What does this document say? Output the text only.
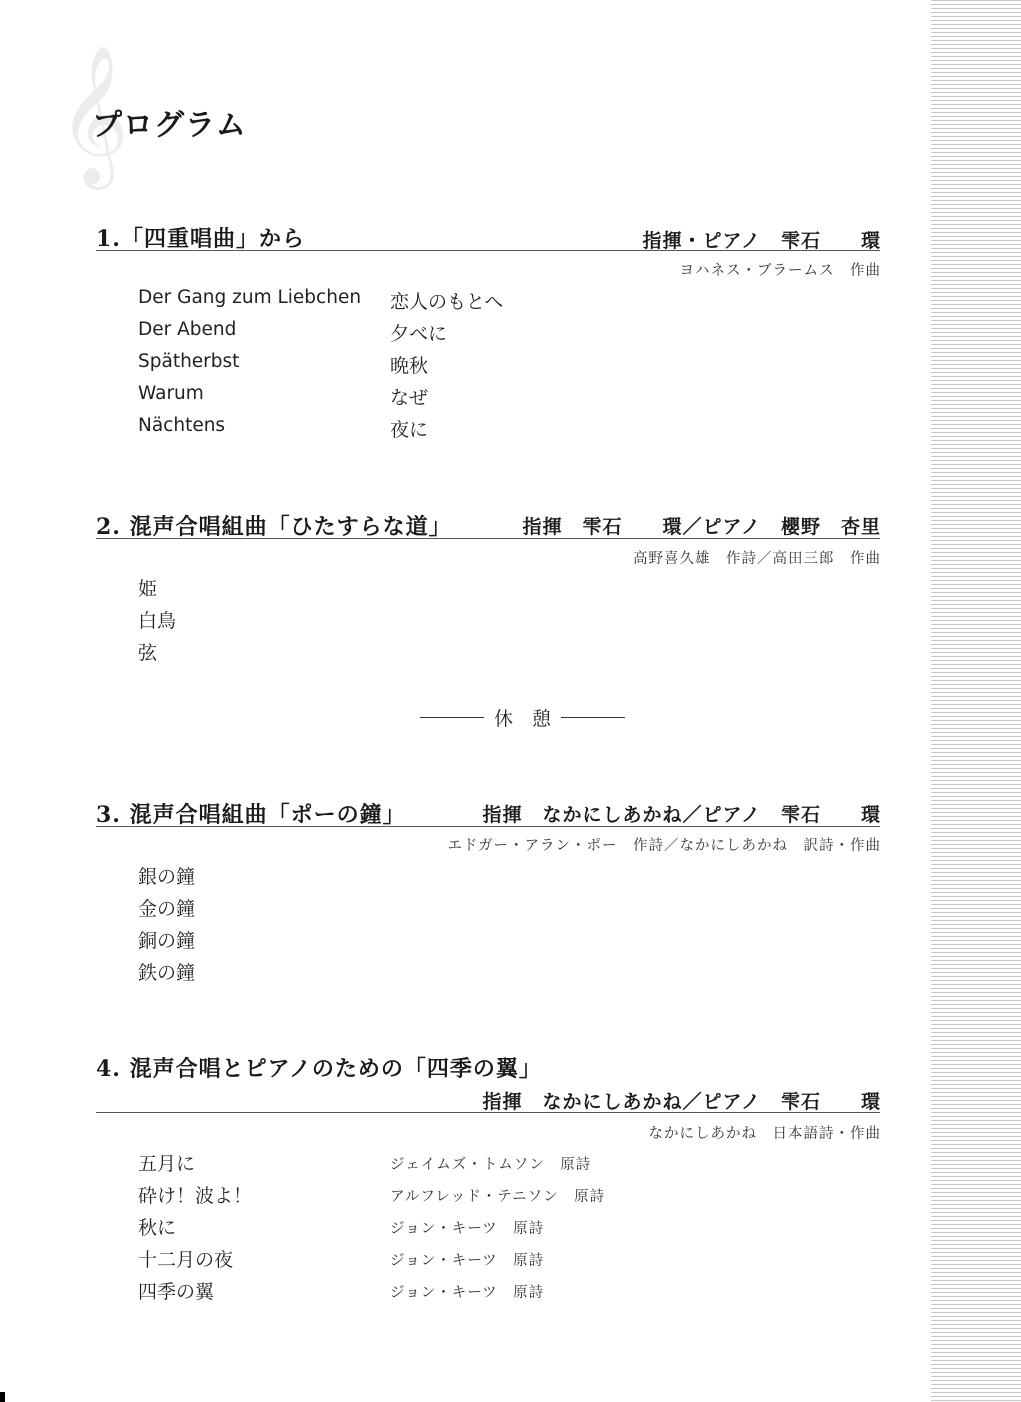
𝄞
プログラム
1.「四重唱曲」から	指揮・ピアノ　雫石　　環
ヨハネス・ブラームス　作曲
Der Gang zum Liebchen 恋人のもとへ
Der Abend	夕べに
Spätherbst	晩秋
Warum	なぜ
Nächtens	夜に
2. 混声合唱組曲「ひたすらな道」	指揮　雫石　　環／ピアノ　櫻野　杏里
高野喜久雄　作詩／高田三郎　作曲
姫
白鳥
弦
休　憩
3. 混声合唱組曲「ポーの鐘」	指揮　なかにしあかね／ピアノ　雫石　　環
エドガー・アラン・ポー　作詩／なかにしあかね　訳詩・作曲
銀の鐘
金の鐘
銅の鐘
鉄の鐘
4. 混声合唱とピアノのための「四季の翼」
指揮　なかにしあかね／ピアノ　雫石　　環
なかにしあかね　日本語詩・作曲
五月に	ジェイムズ・トムソン　原詩
砕け！波よ！	アルフレッド・テニソン　原詩
秋に	ジョン・キーツ　原詩
十二月の夜	ジョン・キーツ　原詩
四季の翼	ジョン・キーツ　原詩
